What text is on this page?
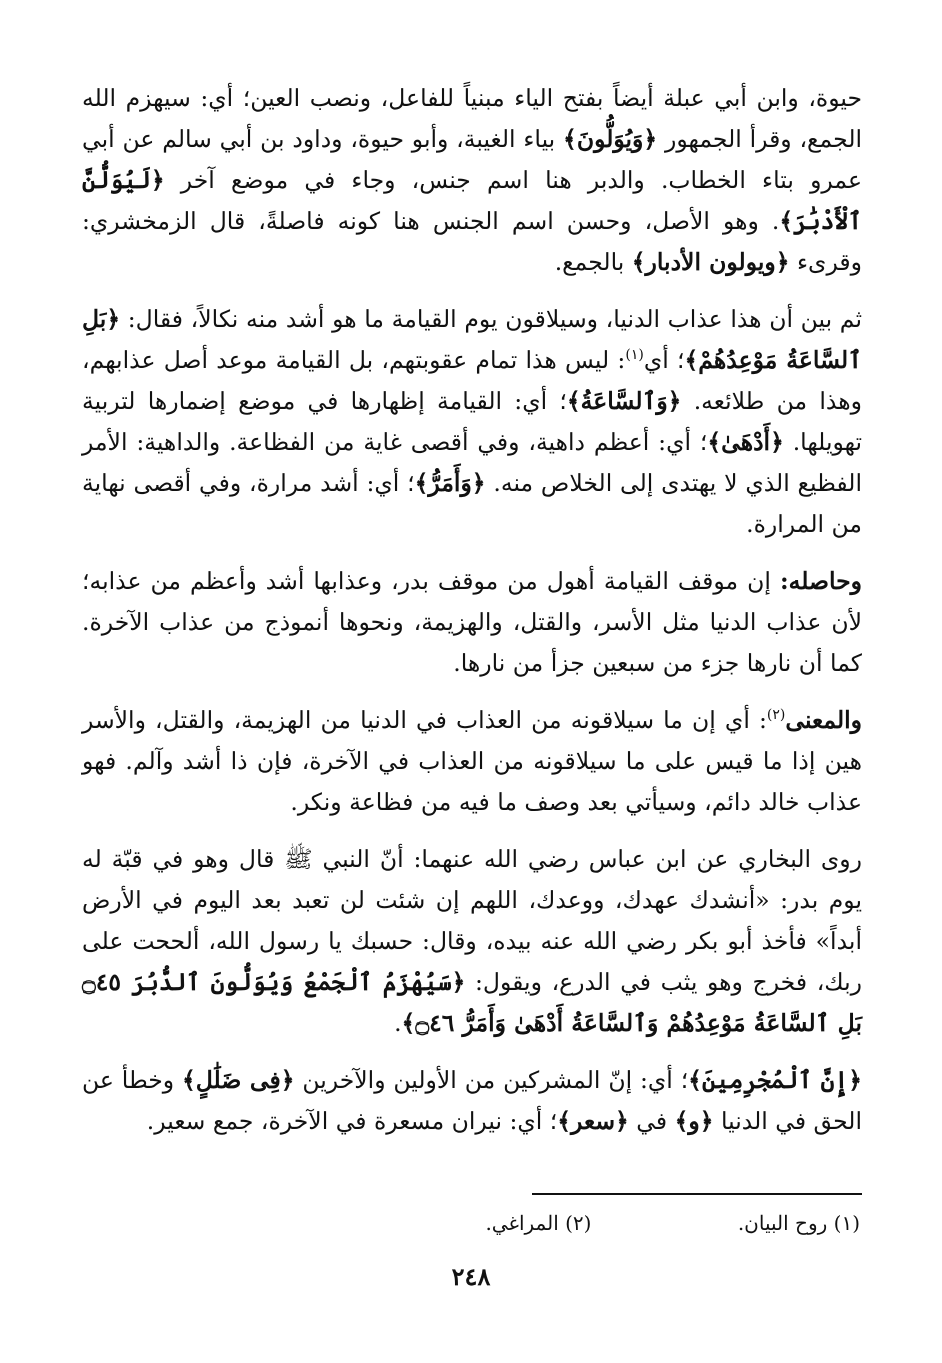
حيوة، وابن أبي عبلة أيضاً بفتح الياء مبنياً للفاعل، ونصب العين؛ أي: سيهزم الله الجمع، وقرأ الجمهور ﴿وَيُوَلُّونَ﴾ بياء الغيبة، وأبو حيوة، وداود بن أبي سالم عن أبي عمرو بتاء الخطاب. والدبر هنا اسم جنس، وجاء في موضع آخر ﴿لَيُوَلُّنَّ ٱلْأَدْبَٰرَ﴾. وهو الأصل، وحسن اسم الجنس هنا كونه فاصلةً، قال الزمخشري: وقرىء ﴿ويولون الأدبار﴾ بالجمع.

ثم بين أن هذا عذاب الدنيا، وسيلاقون يوم القيامة ما هو أشد منه نكالاً، فقال: ﴿بَلِ ٱلسَّاعَةُ مَوْعِدُهُمْ﴾؛ أي$^{(١)}$: ليس هذا تمام عقوبتهم، بل القيامة موعد أصل عذابهم، وهذا من طلائعه. ﴿وَٱلسَّاعَةُ﴾؛ أي: القيامة إظهارها في موضع إضمارها لتربية تهويلها. ﴿أَدْهَىٰ﴾؛ أي: أعظم داهية، وفي أقصى غاية من الفظاعة. والداهية: الأمر الفظيع الذي لا يهتدى إلى الخلاص منه. ﴿وَأَمَرُّ﴾؛ أي: أشد مرارة، وفي أقصى نهاية من المرارة.

وحاصله: إن موقف القيامة أهول من موقف بدر، وعذابها أشد وأعظم من عذابه؛ لأن عذاب الدنيا مثل الأسر، والقتل، والهزيمة، ونحوها أنموذج من عذاب الآخرة. كما أن نارها جزء من سبعين جزأ من نارها.

والمعنى$^{(٢)}$: أي إن ما سيلاقونه من العذاب في الدنيا من الهزيمة، والقتل، والأسر هين إذا ما قيس على ما سيلاقونه من العذاب في الآخرة، فإن ذا أشد وآلم. فهو عذاب خالد دائم، وسيأتي بعد وصف ما فيه من فظاعة ونكر.

روى البخاري عن ابن عباس رضي الله عنهما: أنّ النبي ﷺ قال وهو في قبّة له يوم بدر: «أنشدك عهدك، ووعدك، اللهم إن شئت لن تعبد بعد اليوم في الأرض أبداً» فأخذ أبو بكر رضي الله عنه بيده، وقال: حسبك يا رسول الله، ألححت على ربك، فخرج وهو يثب في الدرع، ويقول: ﴿سَيُهْزَمُ ٱلْجَمْعُ وَيُوَلُّونَ ٱلدُّبُرَ ۝٤٥ بَلِ ٱلسَّاعَةُ مَوْعِدُهُمْ وَٱلسَّاعَةُ أَدْهَىٰ وَأَمَرُّ ۝٤٦﴾.

﴿إِنَّ ٱلْمُجْرِمِينَ﴾؛ أي: إنّ المشركين من الأولين والآخرين ﴿فِى ضَلَٰلٍ﴾ وخطأ عن الحق في الدنيا ﴿و﴾ في ﴿سعر﴾؛ أي: نيران مسعرة في الآخرة، جمع سعير.

(١) روح البيان. (٢) المراغي.
٢٤٨
